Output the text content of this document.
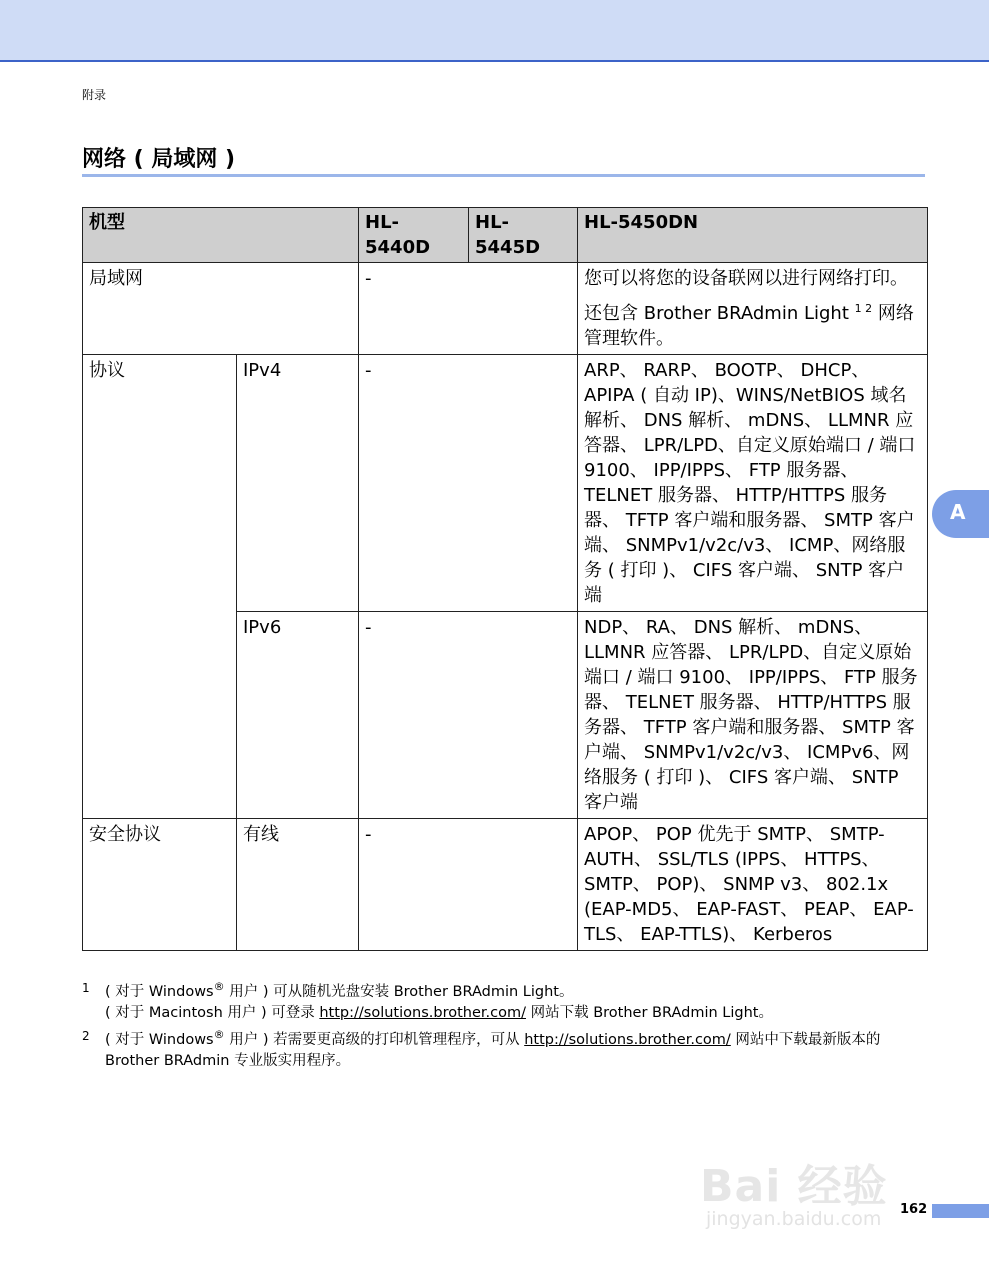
附录
网络 ( 局域网 )
机型		HL-5440D	HL-5445D	HL-5450DN
局域网		-		您可以将您的设备联网以进行网络打印。

还包含 Brother BRAdmin Light $^{1 2}$ 网络管理软件。

协议	IPv4	-		ARP、 RARP、 BOOTP、 DHCP、 APIPA ( 自动 IP)、WINS/NetBIOS 域名解析、 DNS 解析、 mDNS、 LLMNR 应答器、 LPR/LPD、自定义原始端口 / 端口 9100、 IPP/IPPS、 FTP 服务器、 TELNET 服务器、 HTTP/HTTPS 服务器、 TFTP 客户端和服务器、 SMTP 客户端、 SNMPv1/v2c/v3、 ICMP、网络服务 ( 打印 )、 CIFS 客户端、 SNTP 客户端
	IPv6	-		NDP、 RA、 DNS 解析、 mDNS、 LLMNR 应答器、 LPR/LPD、自定义原始端口 / 端口 9100、 IPP/IPPS、 FTP 服务器、 TELNET 服务器、 HTTP/HTTPS 服务器、 TFTP 客户端和服务器、 SMTP 客户端、 SNMPv1/v2c/v3、 ICMPv6、网络服务 ( 打印 )、 CIFS 客户端、 SNTP 客户端
安全协议	有线	-		APOP、 POP 优先于 SMTP、 SMTP-AUTH、 SSL/TLS (IPPS、 HTTPS、 SMTP、 POP)、 SNMP v3、 802.1x (EAP-MD5、 EAP-FAST、 PEAP、 EAP-TLS、 EAP-TTLS)、 Kerberos
A
1 ( 对于 Windows® 用户 ) 可从随机光盘安装 Brother BRAdmin Light。
( 对于 Macintosh 用户 ) 可登录 http://solutions.brother.com/ 网站下载 Brother BRAdmin Light。
2 ( 对于 Windows® 用户 ) 若需要更高级的打印机管理程序，可从 http://solutions.brother.com/ 网站中下载最新版本的 Brother BRAdmin 专业版实用程序。
Bai 经验
jingyan.baidu.com 162
